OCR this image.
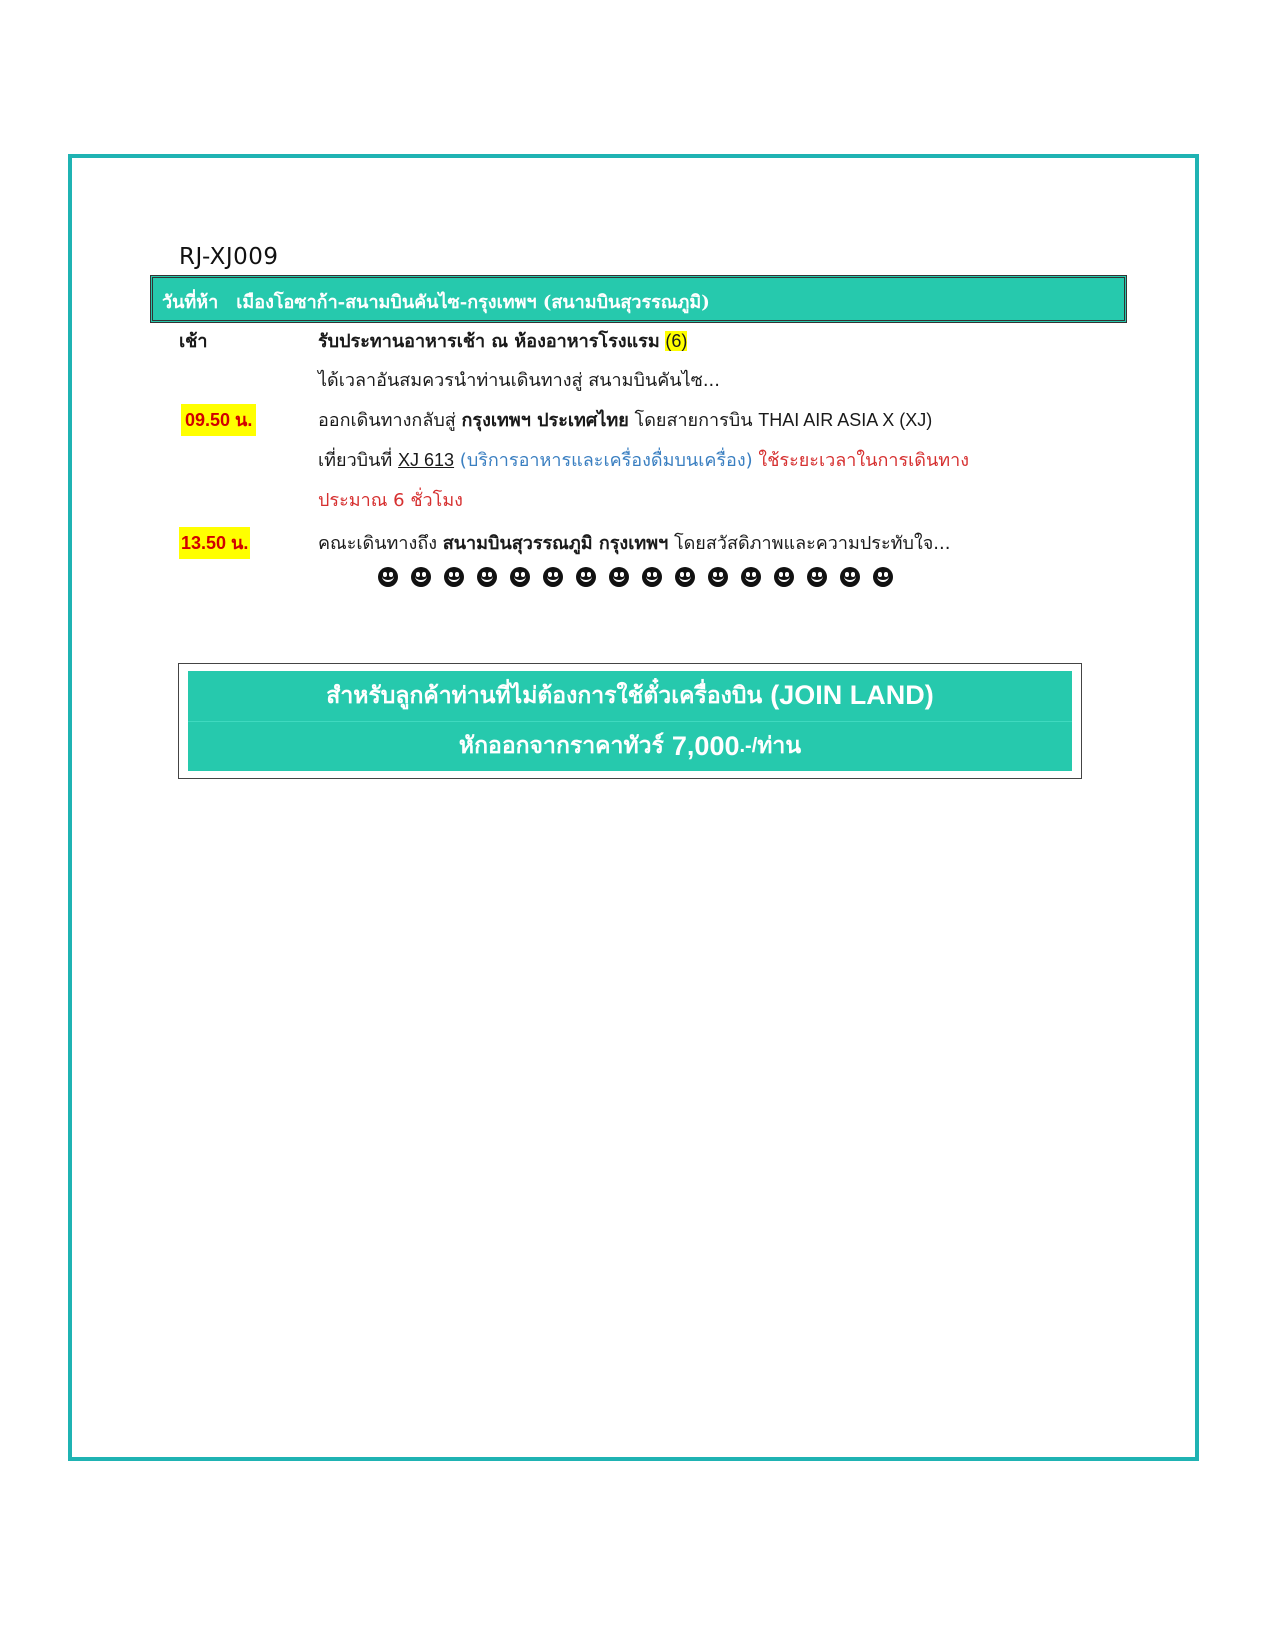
RJ-XJ009
วันที่ห้า เมืองโอซาก้า-สนามบินคันไซ-กรุงเทพฯ (สนามบินสุวรรณภูมิ)
เช้า	รับประทานอาหารเช้า ณ ห้องอาหารโรงแรม (6)
ได้เวลาอันสมควรนำท่านเดินทางสู่ สนามบินคันไซ...
09.50 น.	ออกเดินทางกลับสู่ กรุงเทพฯ ประเทศไทย โดยสายการบิน THAI AIR ASIA X (XJ)
เที่ยวบินที่ XJ 613 (บริการอาหารและเครื่องดื่มบนเครื่อง) ใช้ระยะเวลาในการเดินทาง
ประมาณ 6 ชั่วโมง
13.50 น.	คณะเดินทางถึง สนามบินสุวรรณภูมิ กรุงเทพฯ โดยสวัสดิภาพและความประทับใจ...
สำหรับลูกค้าท่านที่ไม่ต้องการใช้ตั๋วเครื่องบิน
(JOIN LAND)
หักออกจากราคาทัวร์
7,000 .-/ ท่าน
